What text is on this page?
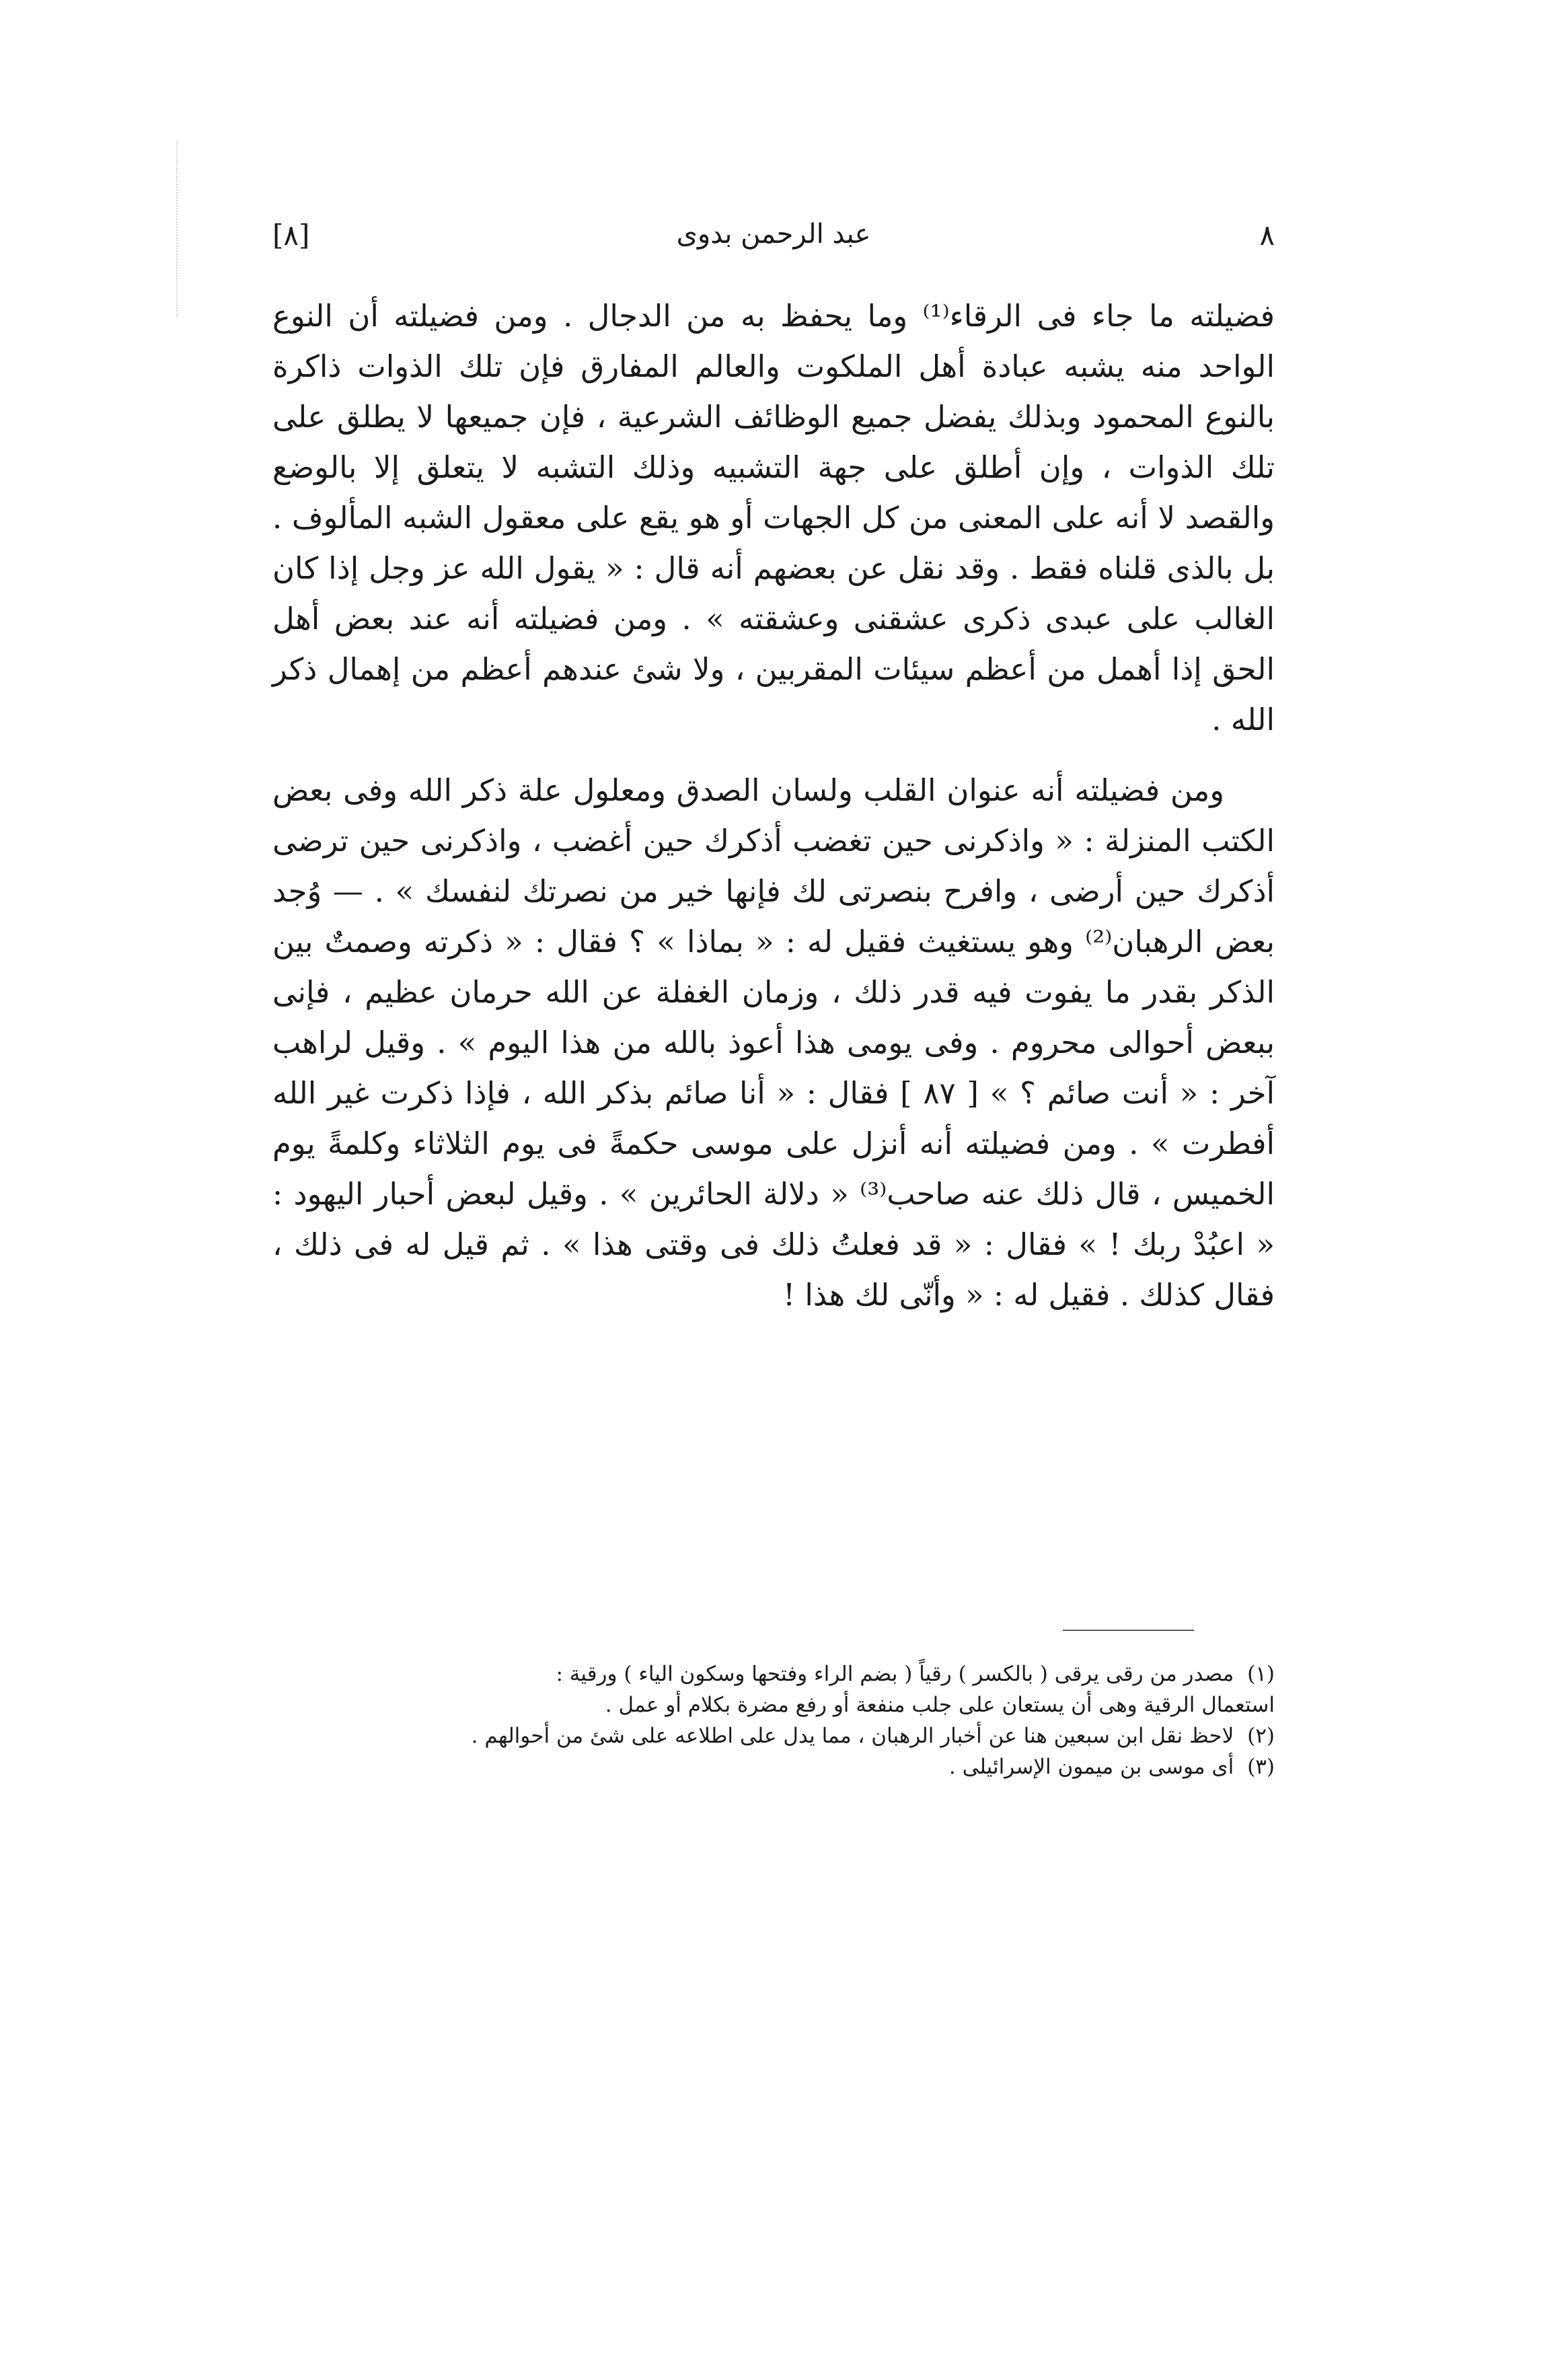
٨
عبد الرحمن بدوى
[٨]

فضيلته ما جاء فى الرقاء⁽¹⁾ وما يحفظ به من الدجال . ومن فضيلته أن النوع الواحد منه يشبه عبادة أهل الملكوت والعالم المفارق فإن تلك الذوات ذاكرة بالنوع المحمود وبذلك يفضل جميع الوظائف الشرعية ، فإن جميعها لا يطلق على تلك الذوات ، وإن أطلق على جهة التشبيه وذلك التشبه لا يتعلق إلا بالوضع والقصد لا أنه على المعنى من كل الجهات أو هو يقع على معقول الشبه المألوف . بل بالذى قلناه فقط . وقد نقل عن بعضهم أنه قال : « يقول الله عز وجل إذا كان الغالب على عبدى ذكرى عشقنى وعشقته » . ومن فضيلته أنه عند بعض أهل الحق إذا أهمل من أعظم سيئات المقربين ، ولا شئ عندهم أعظم من إهمال ذكر الله .

ومن فضيلته أنه عنوان القلب ولسان الصدق ومعلول علة ذكر الله وفى بعض الكتب المنزلة : « واذكرنى حين تغضب أذكرك حين أغضب ، واذكرنى حين ترضى أذكرك حين أرضى ، وافرح بنصرتى لك فإنها خير من نصرتك لنفسك » . — وُجد بعض الرهبان⁽²⁾ وهو يستغيث فقيل له : « بماذا » ؟ فقال : « ذكرته وصمتٌ بين الذكر بقدر ما يفوت فيه قدر ذلك ، وزمان الغفلة عن الله حرمان عظيم ، فإنى ببعض أحوالى محروم . وفى يومى هذا أعوذ بالله من هذا اليوم » . وقيل لراهب آخر : « أنت صائم ؟ » [ ٨٧ ] فقال : « أنا صائم بذكر الله ، فإذا ذكرت غير الله أفطرت » . ومن فضيلته أنه أنزل على موسى حكمةً فى يوم الثلاثاء وكلمةً يوم الخميس ، قال ذلك عنه صاحب⁽³⁾ « دلالة الحائرين » . وقيل لبعض أحبار اليهود : « اعبُدْ ربك ! » فقال : « قد فعلتُ ذلك فى وقتى هذا » . ثم قيل له فى ذلك ، فقال كذلك . فقيل له : « وأنّى لك هذا !

(١) مصدر من رقى يرقى ( بالكسر ) رقياً ( بضم الراء وفتحها وسكون الياء ) ورقية :

استعمال الرقية وهى أن يستعان على جلب منفعة أو رفع مضرة بكلام أو عمل .

(٢) لاحظ نقل ابن سبعين هنا عن أخبار الرهبان ، مما يدل على اطلاعه على شئ من أحوالهم .

(٣) أى موسى بن ميمون الإسرائيلى .
